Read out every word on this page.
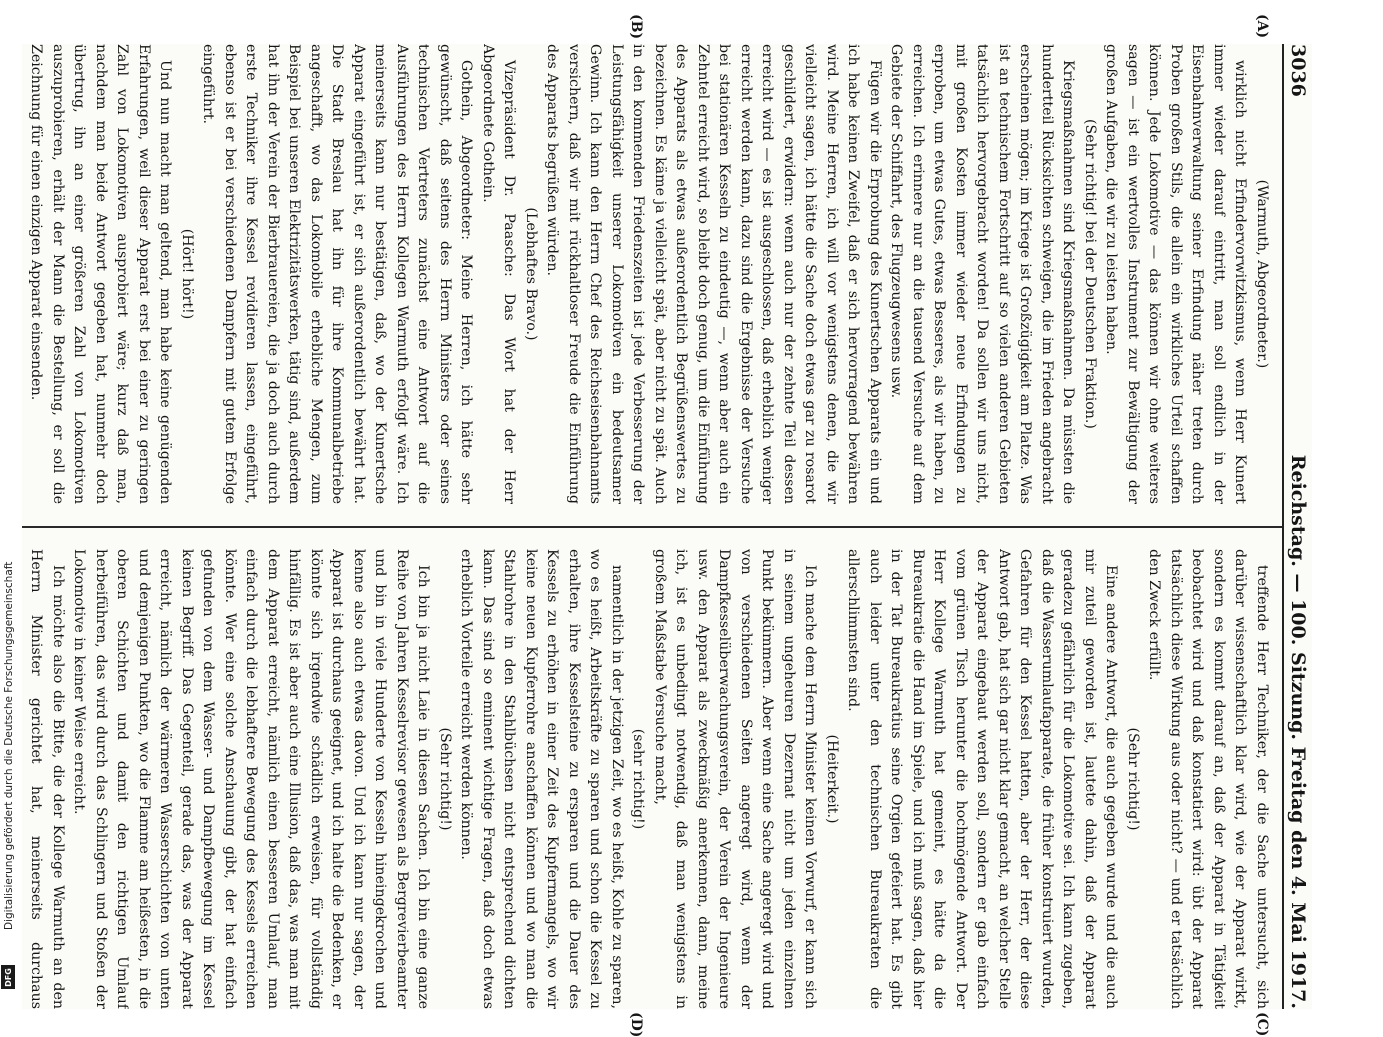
3036
Reichstag. — 100. Sitzung. Freitag den 4. Mai 1917.
(A)
(B)
(C)
(D)

(Warmuth, Abgeordneter.)

wirklich nicht Erfindervorwitzkismus, wenn Herr Kunert immer wieder darauf eintritt, man soll endlich in der Eisenbahnverwaltung seiner Erfindung näher treten durch Proben großen Stils, die allein ein wirkliches Urteil schaffen können. Jede Lokomotive — das können wir ohne weiteres sagen — ist ein wertvolles Instrument zur Bewältigung der großen Aufgaben, die wir zu leisten haben.

(Sehr richtig! bei der Deutschen Fraktion.)

Kriegsmaßnahmen sind Kriegsmaßnahmen. Da müssten die hundertteil Rücksichten schweigen, die im Frieden angebracht erscheinen mögen; im Kriege ist Großzügigkeit am Platze. Was ist an technischem Fortschritt auf so vielen anderen Gebieten tatsächlich hervorgebracht worden! Da sollen wir uns nicht, mit großen Kosten immer wieder neue Erfindungen zu erproben, um etwas Gutes, etwas Besseres, als wir haben, zu erreichen. Ich erinnere nur an die tausend Versuche auf dem Gebiete der Schiffahrt, des Flugzeugwesens usw.

Fügen wir die Erprobung des Kunertschen Apparats ein und ich habe keinen Zweifel, daß er sich hervorragend bewähren wird. Meine Herren, ich will vor wenigstens denen, die wir vielleicht sagen, ich hätte die Sache doch etwas gar zu rosarot geschildert, erwidern: wenn auch nur der zehnte Teil dessen erreicht wird — es ist ausgeschlossen, daß erheblich weniger erreicht werden kann, dazu sind die Ergebnisse der Versuche bei stationären Kesseln zu eindeutig —, wenn aber auch ein Zehntel erreicht wird, so bleibt doch genug, um die Einführung des Apparats als etwas außerordentlich Begrüßenswertes zu bezeichnen. Es käme ja vielleicht spät, aber nicht zu spät. Auch in den kommenden Friedenszeiten ist jede Verbesserung der Leistungsfähigkeit unserer Lokomotiven ein bedeutsamer Gewinn. Ich kann den Herrn Chef des Reichseisenbahnamts versichern, daß wir mit rückhaltloser Freude die Einführung des Apparats begrüßen würden.

(Lebhaftes Bravo.)

Vizepräsident Dr. Paasche: Das Wort hat der Herr Abgeordnete Gothein.

Gothein, Abgeordneter: Meine Herren, ich hätte sehr gewünscht, daß seitens des Herrn Ministers oder seines technischen Vertreters zunächst eine Antwort auf die Ausführungen des Herrn Kollegen Warmuth erfolgt wäre. Ich meinerseits kann nur bestätigen, daß, wo der Kunertsche Apparat eingeführt ist, er sich außerordentlich bewährt hat. Die Stadt Breslau hat ihn für ihre Kommunalbetriebe angeschafft, wo das Lokomobile erhebliche Mengen, zum Beispiel bei unseren Elektrizitätswerken, tätig sind, außerdem hat ihn der Verein der Bierbrauereien, die ja doch auch durch erste Techniker ihre Kessel revidieren lassen, eingeführt, ebenso ist er bei verschiedenen Dampfern mit gutem Erfolge eingeführt.

(Hört! hört!)

Und nun macht man geltend, man habe keine genügenden Erfahrungen, weil dieser Apparat erst bei einer zu geringen Zahl von Lokomotiven ausprobiert wäre; kurz daß man, nachdem man beide Antwort gegeben hat, nunmehr doch übertrug, ihn an einer größeren Zahl von Lokomotiven auszuprobieren, erhält der Mann die Bestellung, er soll die Zeichnung für einen einzigen Apparat einsenden.

treffende Herr Techniker, der die Sache untersucht, sich darüber wissenschaftlich klar wird, wie der Apparat wirkt, sondern es kommt darauf an, daß der Apparat in Tätigkeit beobachtet wird und daß konstatiert wird: übt der Apparat tatsächlich diese Wirkung aus oder nicht? — und er tatsächlich den Zweck erfüllt.

(Sehr richtig!)

Eine andere Antwort, die auch gegeben wurde und die auch mir zuteil geworden ist, lautete dahin, daß der Apparat geradezu gefährlich für die Lokomotive sei. Ich kann zugeben, daß die Wasserumlaufapparate, die früher konstruiert wurden, Gefahren für den Kessel hatten, aber der Herr, der diese Antwort gab, hat sich gar nicht klar gemacht, an welcher Stelle der Apparat eingebaut werden soll, sondern er gab einfach vom grünen Tisch herunter die hochmögende Antwort. Der Herr Kollege Warmuth hat gemeint, es hätte da die Bureaukratie die Hand im Spiele, und ich muß sagen, daß hier in der Tat Bureaukratius seine Orgien gefeiert hat. Es gibt auch leider unter den technischen Bureaukraten die allerschlimmsten sind.

(Heiterkeit.)

Ich mache dem Herrn Minister keinen Vorwurf, er kann sich in seinem ungeheuren Dezernat nicht um jeden einzelnen Punkt bekümmern. Aber wenn eine Sache angeregt wird und von verschiedenen Seiten angeregt wird, wenn der Dampfkesselüberwachungsverein, der Verein der Ingenieure usw. den Apparat als zweckmäßig anerkennen, dann, meine ich, ist es unbedingt notwendig, daß man wenigstens in großem Maßstabe Versuche macht,

(sehr richtig!)

namentlich in der jetzigen Zeit, wo es heißt, Kohle zu sparen, wo es heißt, Arbeitskräfte zu sparen und schon die Kessel zu erhalten, ihre Kesselsteine zu ersparen und die Dauer des Kessels zu erhöhen in einer Zeit des Kupfermangels, wo wir keine neuen Kupferrohre anschaffen können und wo man die Stahlrohre in den Stahlbüchsen nicht entsprechend dichten kann. Das sind so eminent wichtige Fragen, daß doch etwas erheblich Vorteile erreicht werden können.

(Sehr richtig!)

Ich bin ja nicht Laie in diesen Sachen. Ich bin eine ganze Reihe von Jahren Kesselrevisor gewesen als Bergrevierbeamter und bin in viele Hunderte von Kesseln hineingekrochen und kenne also auch etwas davon. Und ich kann nur sagen, der Apparat ist durchaus geeignet, und ich halte die Bedenken, er könnte sich irgendwie schädlich erweisen, für vollständig hinfällig. Es ist aber auch eine Illusion, daß das, was man mit dem Apparat erreicht, nämlich einen besseren Umlauf, man einfach durch die lebhaftere Bewegung des Kessels erreichen könnte. Wer eine solche Anschauung gibt, der hat einfach gefunden von dem Wasser- und Dampfbewegung im Kessel keinen Begriff. Das Gegenteil, gerade das, was der Apparat erreicht, nämlich der wärmeren Wasserschichten von unten und demjenigen Punkten, wo die Flamme am heißesten, in die oberen Schichten und damit den richtigen Umlauf herbeiführen, das wird durch das Schlingern und Stoßen der Lokomotive in keiner Weise erreicht.

Ich möchte also die Bitte, die der Kollege Warmuth an den Herrn Minister gerichtet hat, meinerseits durchaus

Digitalisierung gefördert durch die Deutsche Forschungsgemeinschaft
DFG
